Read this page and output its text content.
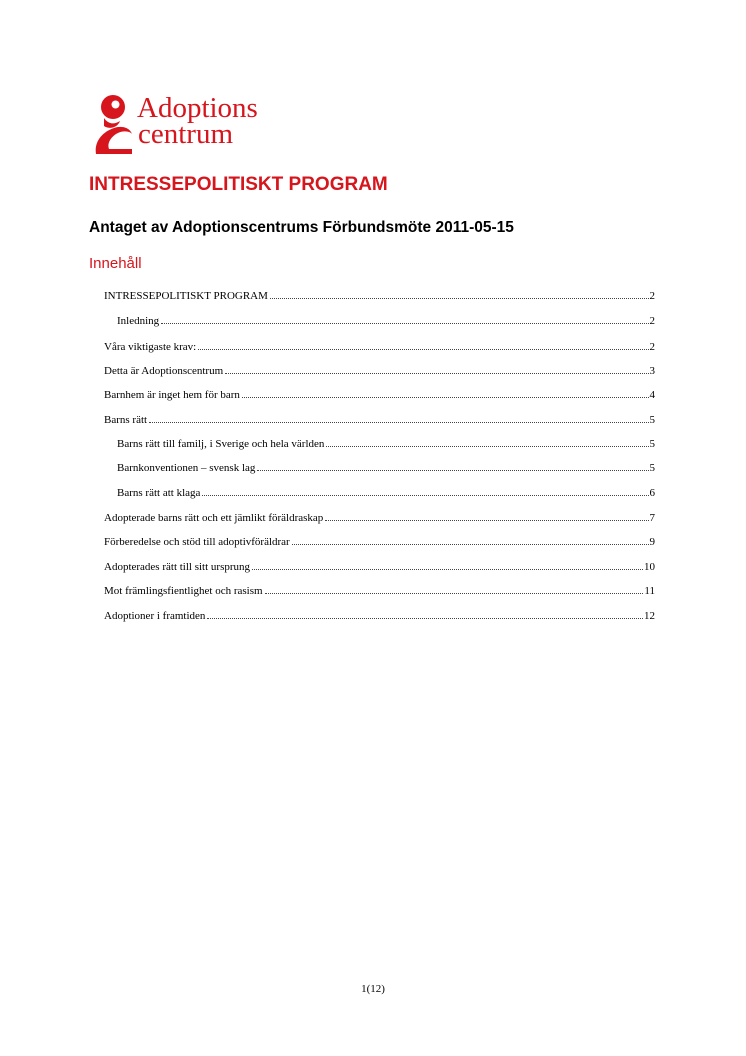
Adoptions
centrum
INTRESSEPOLITISKT PROGRAM
Antaget av Adoptionscentrums Förbundsmöte 2011-05-15
Innehåll
INTRESSEPOLITISKT PROGRAM	2
Inledning	2
Våra viktigaste krav:	2
Detta är Adoptionscentrum	3
Barnhem är inget hem för barn	4
Barns rätt	5
Barns rätt till familj, i Sverige och hela världen	5
Barnkonventionen – svensk lag	5
Barns rätt att klaga	6
Adopterade barns rätt och ett jämlikt föräldraskap	7
Förberedelse och stöd till adoptivföräldrar	9
Adopterades rätt till sitt ursprung	10
Mot främlingsfientlighet och rasism	11
Adoptioner i framtiden	12
1(12)
